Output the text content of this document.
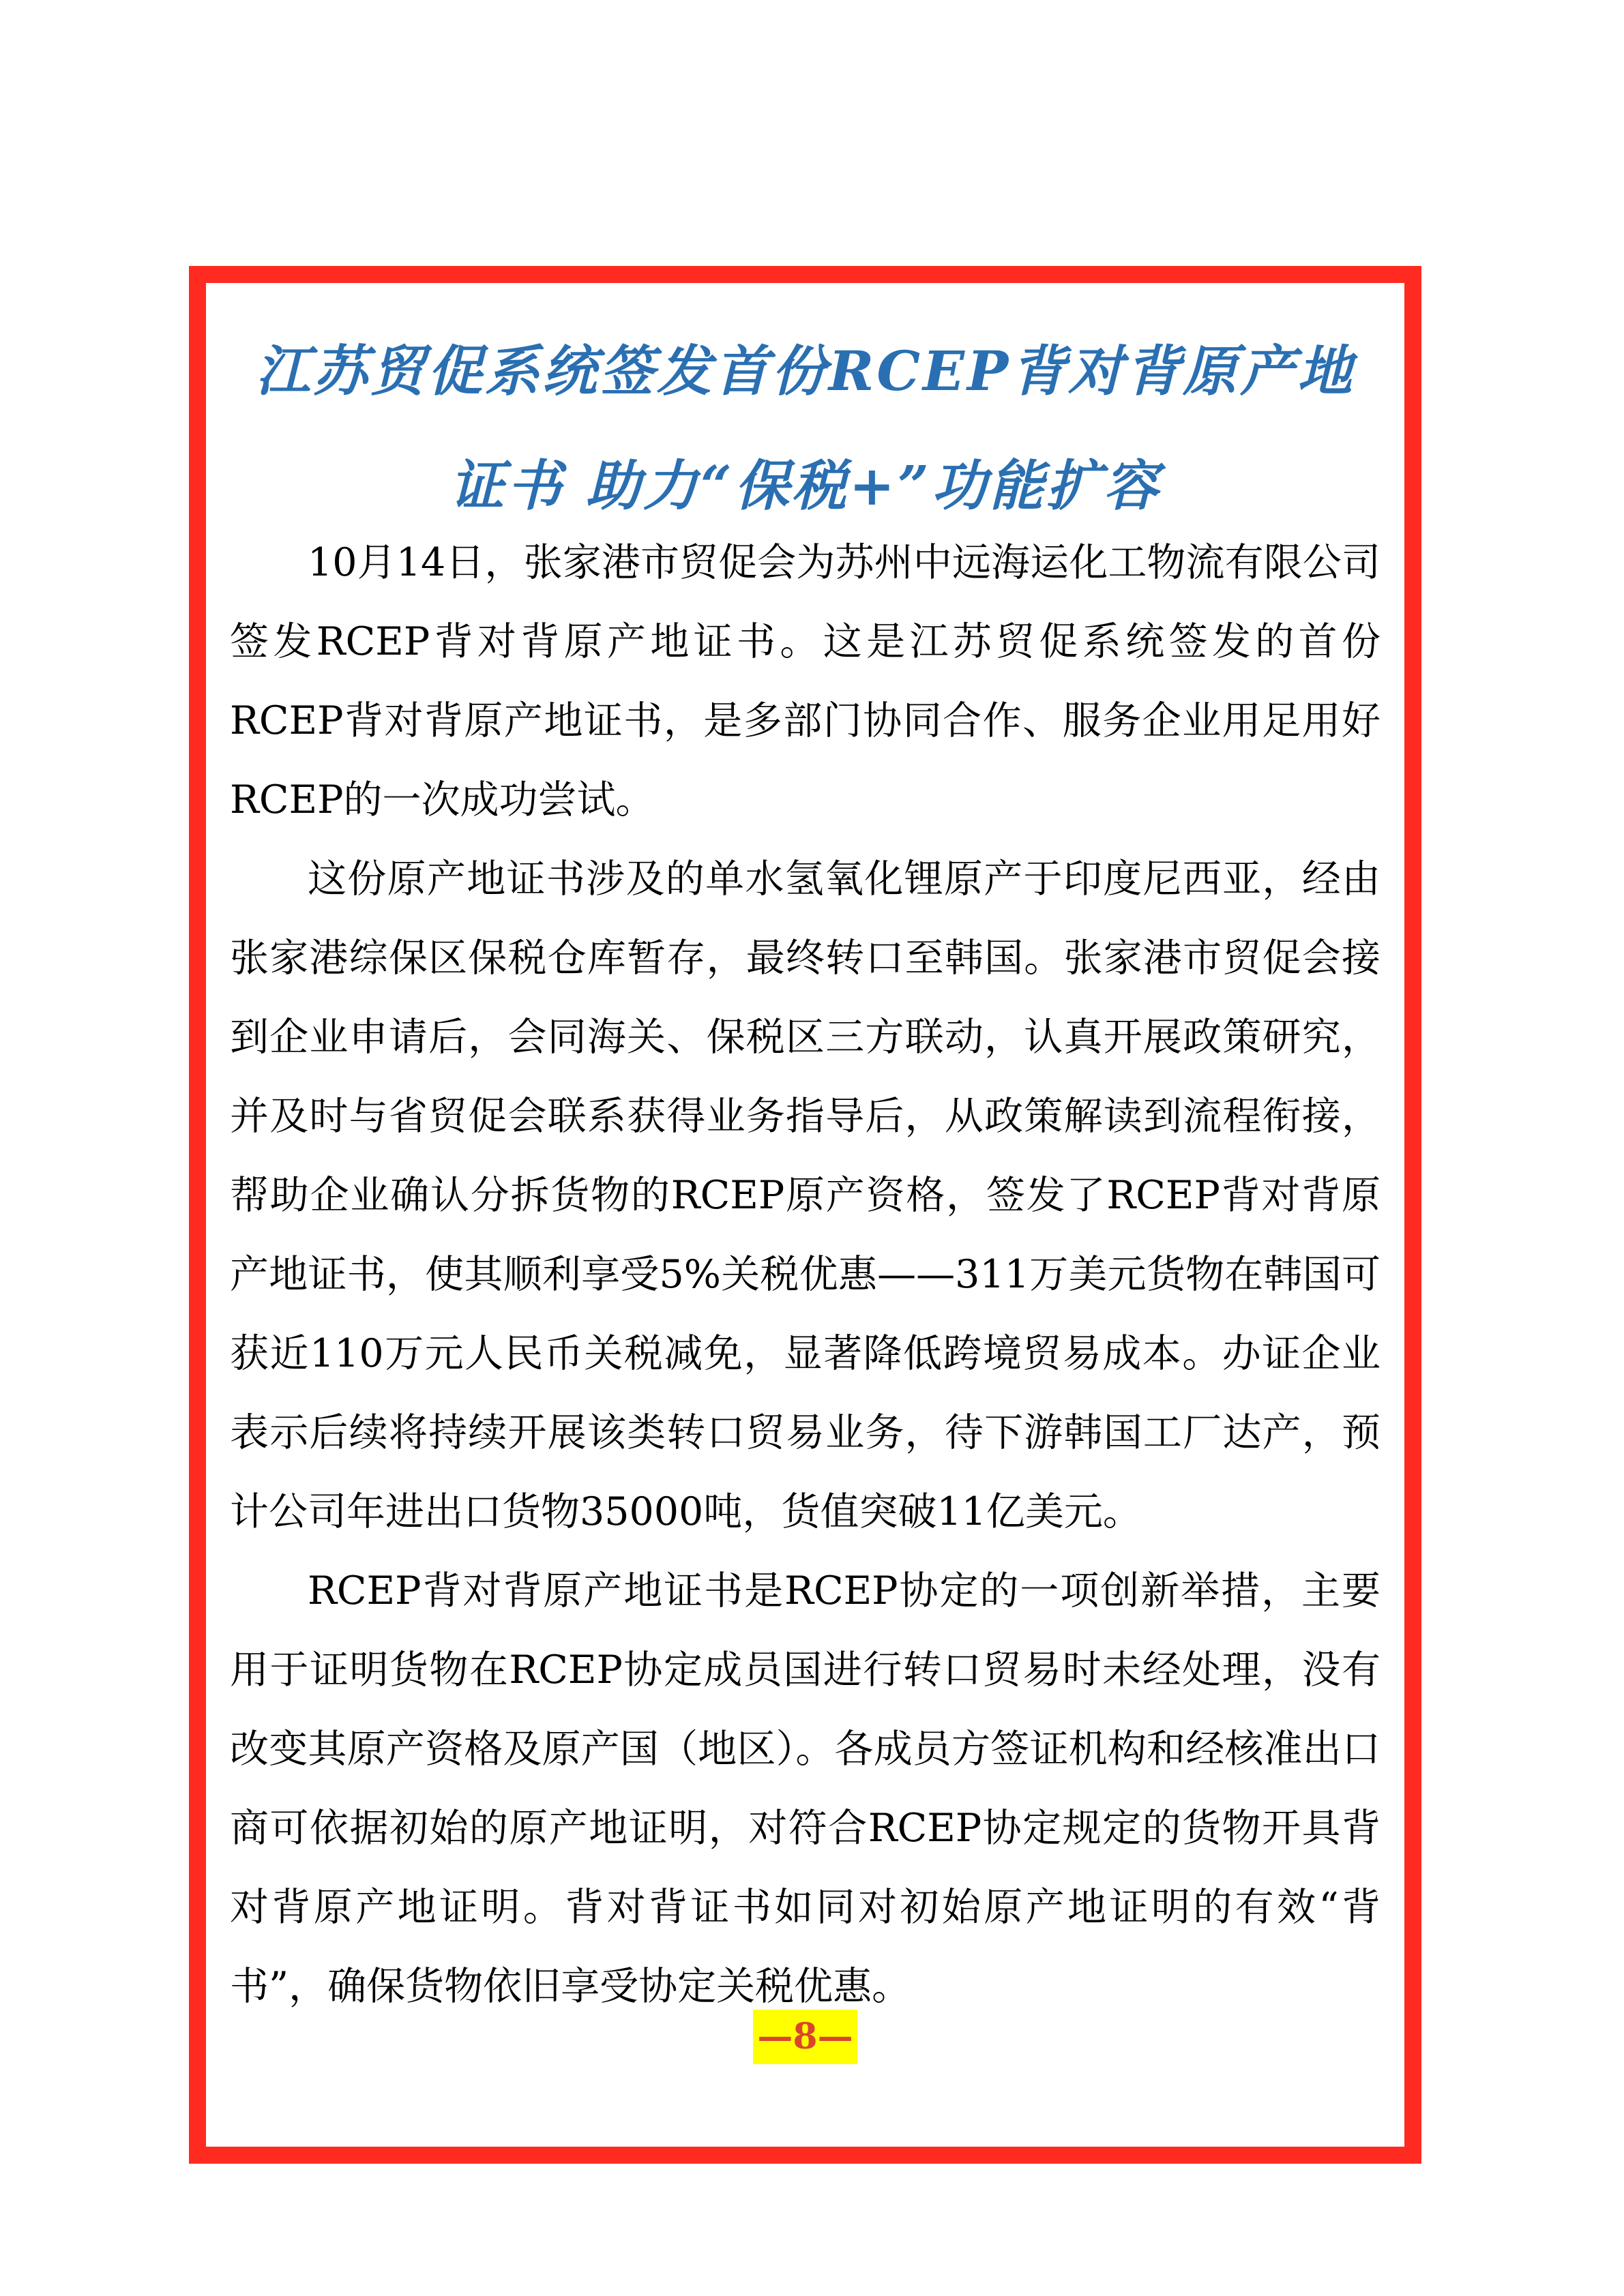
江苏贸促系统签发首份RCEP背对背原产地
证书 助力“保税+”功能扩容

10月14日，张家港市贸促会为苏州中远海运化工物流有限公司签发RCEP背对背原产地证书。这是江苏贸促系统签发的首份RCEP背对背原产地证书，是多部门协同合作、服务企业用足用好RCEP的一次成功尝试。

这份原产地证书涉及的单水氢氧化锂原产于印度尼西亚，经由张家港综保区保税仓库暂存，最终转口至韩国。张家港市贸促会接到企业申请后，会同海关、保税区三方联动，认真开展政策研究，并及时与省贸促会联系获得业务指导后，从政策解读到流程衔接，帮助企业确认分拆货物的RCEP原产资格，签发了RCEP背对背原产地证书，使其顺利享受5%关税优惠——311万美元货物在韩国可获近110万元人民币关税减免，显著降低跨境贸易成本。办证企业表示后续将持续开展该类转口贸易业务，待下游韩国工厂达产，预计公司年进出口货物35000吨，货值突破11亿美元。

RCEP背对背原产地证书是RCEP协定的一项创新举措，主要用于证明货物在RCEP协定成员国进行转口贸易时未经处理，没有改变其原产资格及原产国（地区）。各成员方签证机构和经核准出口商可依据初始的原产地证明，对符合RCEP协定规定的货物开具背对背原产地证明。背对背证书如同对初始原产地证明的有效“背书”，确保货物依旧享受协定关税优惠。

—8—
